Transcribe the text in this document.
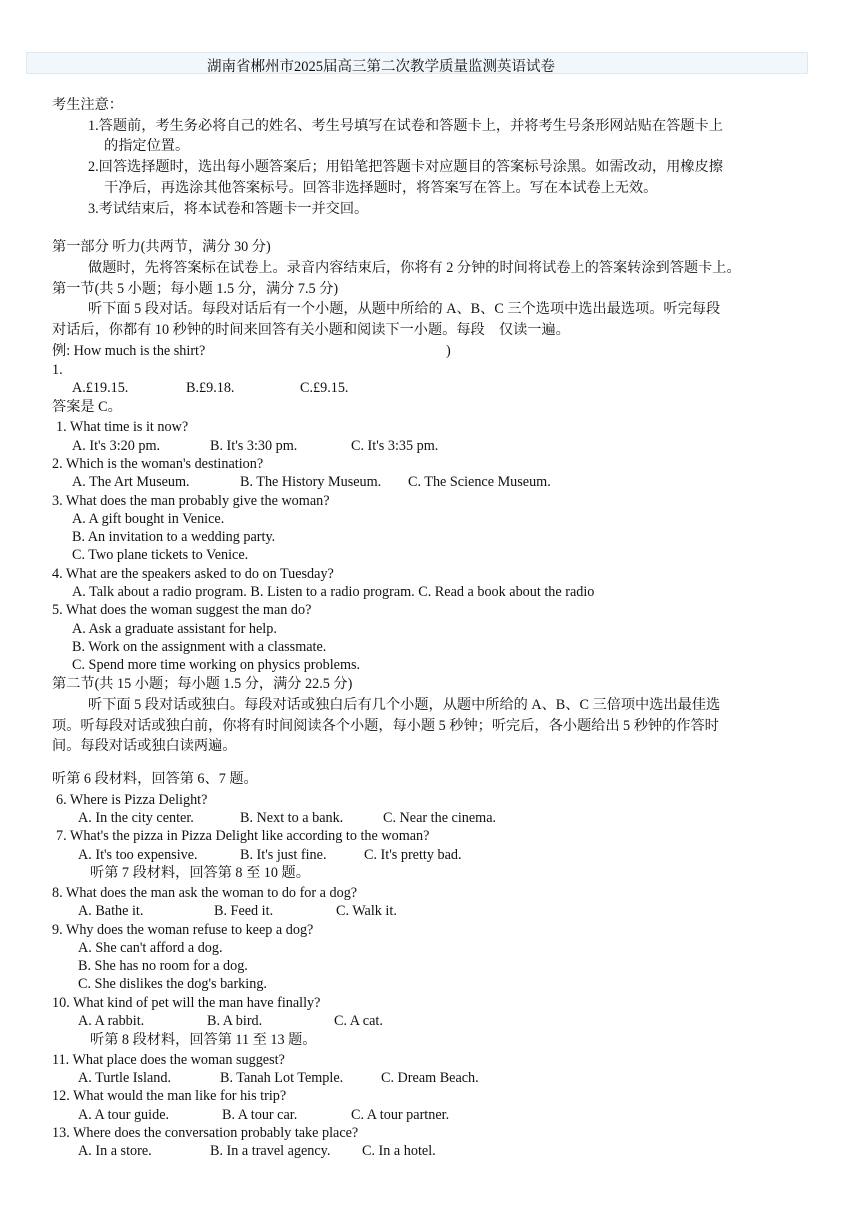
湖南省郴州市2025届高三第二次教学质量监测英语试卷
考生注意：
1.答题前，考生务必将自己的姓名、考生号填写在试卷和答题卡上，并将考生号条形网站贴在答题卡上
的指定位置。
2.回答选择题时，选出每小题答案后；用铅笔把答题卡对应题目的答案标号涂黑。如需改动，用橡皮擦
干净后，再选涂其他答案标号。回答非选择题时，将答案写在答上。写在本试卷上无效。
3.考试结束后，将本试卷和答题卡一并交回。
第一部分 听力(共两节，满分 30 分)
做题时，先将答案标在试卷上。录音内容结束后，你将有 2 分钟的时间将试卷上的答案转涂到答题卡上。
第一节(共 5 小题；每小题 1.5 分，满分 7.5 分)
听下面 5 段对话。每段对话后有一个小题，从题中所给的 A、B、C 三个选项中选出最选项。听完每段
对话后，你都有 10 秒钟的时间来回答有关小题和阅读下一小题。每段　仅读一遍。
例: How much is the shirt?	)
1.
A.£19.15.	B.£9.18.	C.£9.15.
答案是 C。
1. What time is it now?
A. It's 3:20 pm.	B. It's 3:30 pm.	C. It's 3:35 pm.
2. Which is the woman's destination?
A. The Art Museum.	B. The History Museum. C. The Science Museum.
3. What does the man probably give the woman?
A. A gift bought in Venice.
B. An invitation to a wedding party.
C. Two plane tickets to Venice.
4. What are the speakers asked to do on Tuesday?
A. Talk about a radio program. B. Listen to a radio program. C. Read a book about the radio
5. What does the woman suggest the man do?
A. Ask a graduate assistant for help.
B. Work on the assignment with a classmate.
C. Spend more time working on physics problems.
第二节(共 15 小题；每小题 1.5 分，满分 22.5 分)
听下面 5 段对话或独白。每段对话或独白后有几个小题，从题中所给的 A、B、C 三倍项中选出最佳选
项。听每段对话或独白前，你将有时间阅读各个小题，每小题 5 秒钟；听完后，各小题给出 5 秒钟的作答时
间。每段对话或独白读两遍。
听第 6 段材料，回答第 6、7 题。
6. Where is Pizza Delight?
A. In the city center.	B. Next to a bank.	C. Near the cinema.
7. What's the pizza in Pizza Delight like according to the woman?
A. It's too expensive.	B. It's just fine.	C. It's pretty bad.
听第 7 段材料，回答第 8 至 10 题。
8. What does the man ask the woman to do for a dog?
A. Bathe it.	B. Feed it.	C. Walk it.
9. Why does the woman refuse to keep a dog?
A. She can't afford a dog.
B. She has no room for a dog.
C. She dislikes the dog's barking.
10. What kind of pet will the man have finally?
A. A rabbit.	B. A bird.	C. A cat.
听第 8 段材料，回答第 11 至 13 题。
11. What place does the woman suggest?
A. Turtle Island.	B. Tanah Lot Temple.	C. Dream Beach.
12. What would the man like for his trip?
A. A tour guide.	B. A tour car.	C. A tour partner.
13. Where does the conversation probably take place?
A. In a store.	B. In a travel agency. C. In a hotel.
